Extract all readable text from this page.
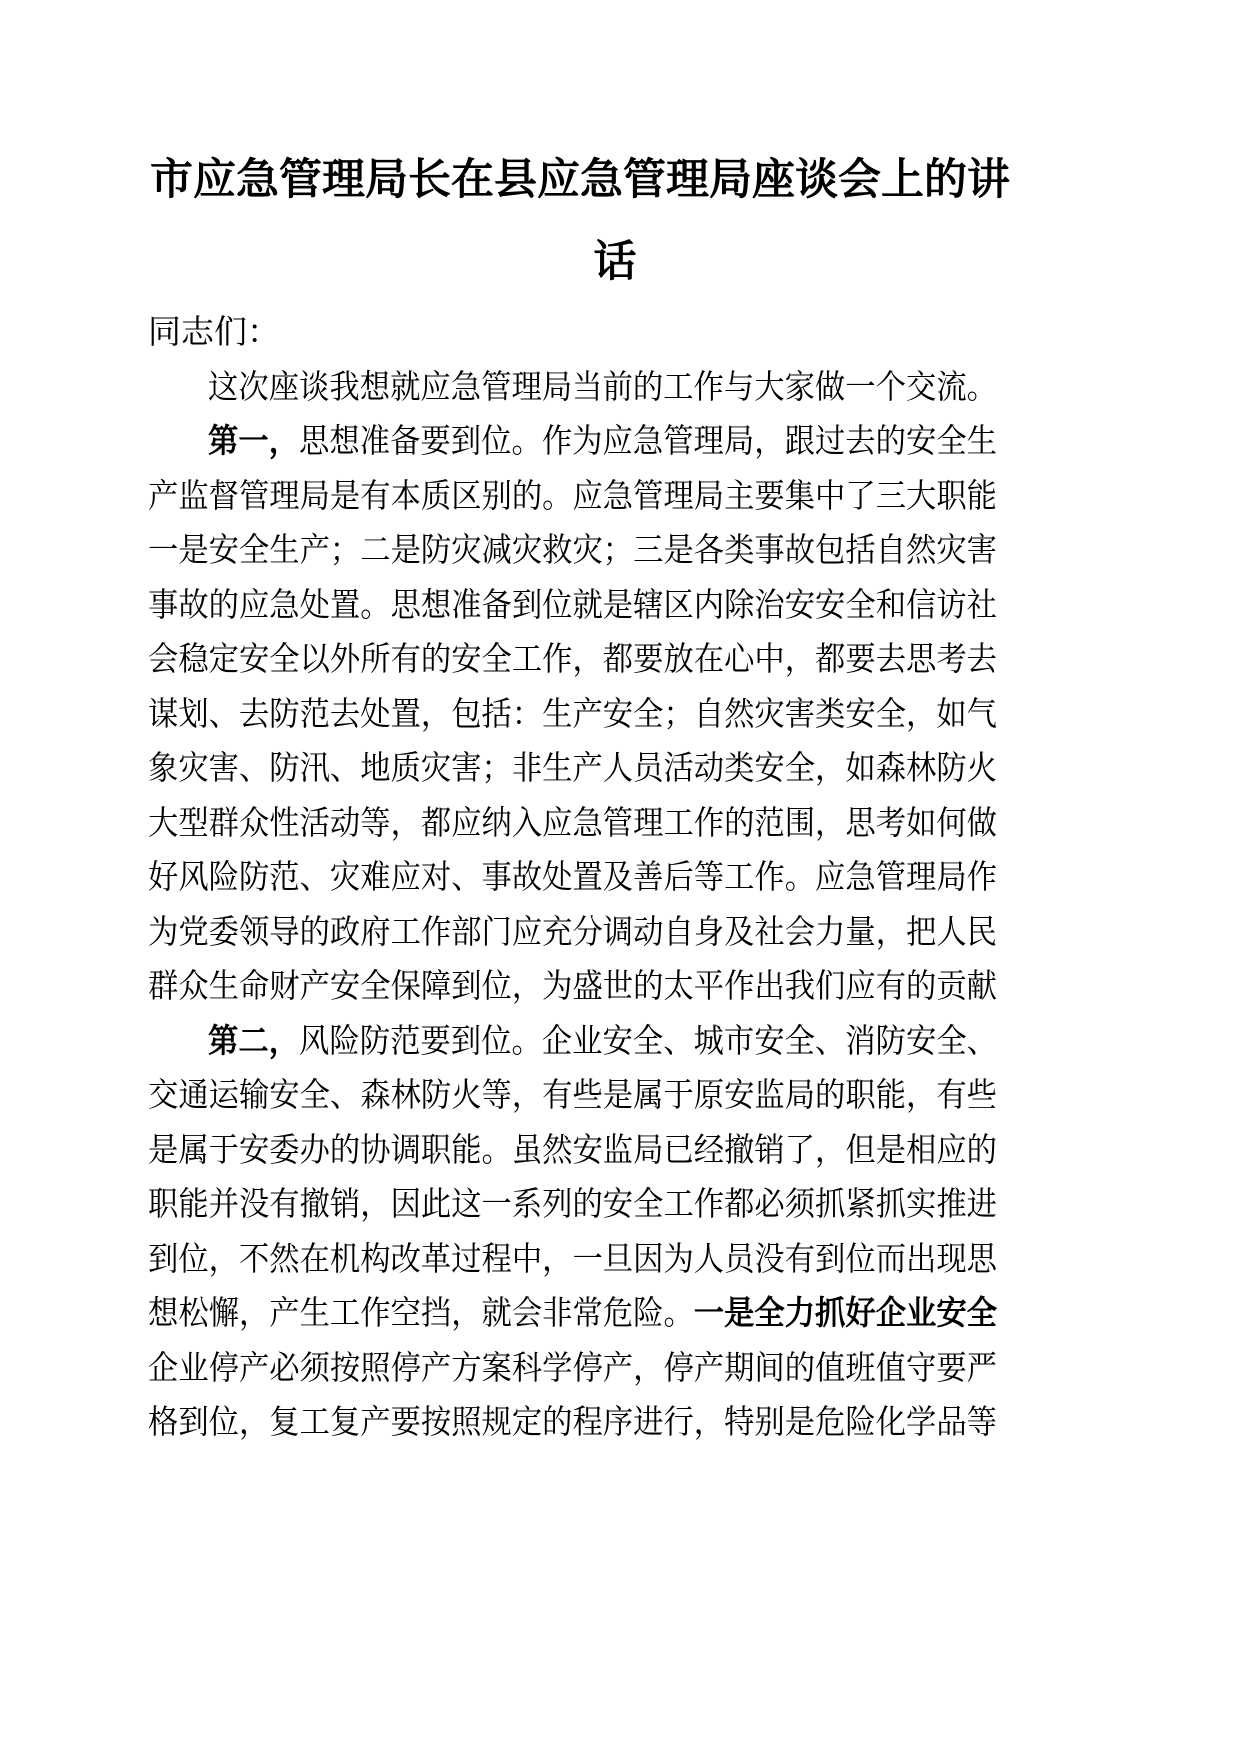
市应急管理局长在县应急管理局座谈会上的讲
话
同志们：
这次座谈我想就应急管理局当前的工作与大家做一个交流。
第一，思想准备要到位。作为应急管理局，跟过去的安全生
产监督管理局是有本质区别的。应急管理局主要集中了三大职能
一是安全生产；二是防灾减灾救灾；三是各类事故包括自然灾害
事故的应急处置。思想准备到位就是辖区内除治安安全和信访社
会稳定安全以外所有的安全工作，都要放在心中，都要去思考去
谋划、去防范去处置，包括：生产安全；自然灾害类安全，如气
象灾害、防汛、地质灾害；非生产人员活动类安全，如森林防火
大型群众性活动等，都应纳入应急管理工作的范围，思考如何做
好风险防范、灾难应对、事故处置及善后等工作。应急管理局作
为党委领导的政府工作部门应充分调动自身及社会力量，把人民
群众生命财产安全保障到位，为盛世的太平作出我们应有的贡献
第二，风险防范要到位。企业安全、城市安全、消防安全、
交通运输安全、森林防火等，有些是属于原安监局的职能，有些
是属于安委办的协调职能。虽然安监局已经撤销了，但是相应的
职能并没有撤销，因此这一系列的安全工作都必须抓紧抓实推进
到位，不然在机构改革过程中，一旦因为人员没有到位而出现思
想松懈，产生工作空挡，就会非常危险。一是全力抓好企业安全
企业停产必须按照停产方案科学停产，停产期间的值班值守要严
格到位，复工复产要按照规定的程序进行，特别是危险化学品等
